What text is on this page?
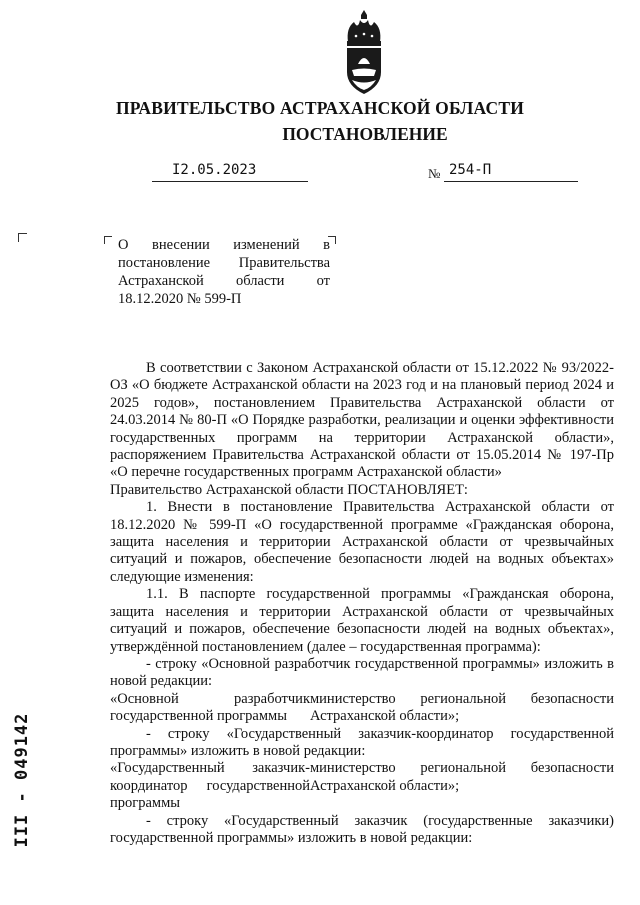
ПРАВИТЕЛЬСТВО АСТРАХАНСКОЙ ОБЛАСТИ
ПОСТАНОВЛЕНИЕ
I2.05.2023	№ 254-П
О внесении изменений в постановление Правительства Астраханской области от 18.12.2020 № 599-П

В соответствии с Законом Астраханской области от 15.12.2022 № 93/2022-ОЗ «О бюджете Астраханской области на 2023 год и на плановый период 2024 и 2025 годов», постановлением Правительства Астраханской области от 24.03.2014 № 80-П «О Порядке разработки, реализации и оценки эффективности государственных программ на территории Астраханской области», распоряжением Правительства Астраханской области от 15.05.2014 № 197-Пр «О перечне государственных программ Астраханской области»

Правительство Астраханской области ПОСТАНОВЛЯЕТ:

1. Внести в постановление Правительства Астраханской области от 18.12.2020 № 599-П «О государственной программе «Гражданская оборона, защита населения и территории Астраханской области от чрезвычайных ситуаций и пожаров, обеспечение безопасности людей на водных объектах» следующие изменения:

1.1. В паспорте государственной программы «Гражданская оборона, защита населения и территории Астраханской области от чрезвычайных ситуаций и пожаров, обеспечение безопасности людей на водных объектах», утверждённой постановлением (далее – государственная программа):

- строку «Основной разработчик государственной программы» изложить в новой редакции:

«Основной разработчик государственной программы
министерство региональной безопасности Астраханской области»;

- строку «Государственный заказчик-координатор государственной программы» изложить в новой редакции:

«Государственный заказчик-координатор государственной программы
министерство региональной безопасности Астраханской области»;

- строку «Государственный заказчик (государственные заказчики) государственной программы» изложить в новой редакции:

III - 049142
